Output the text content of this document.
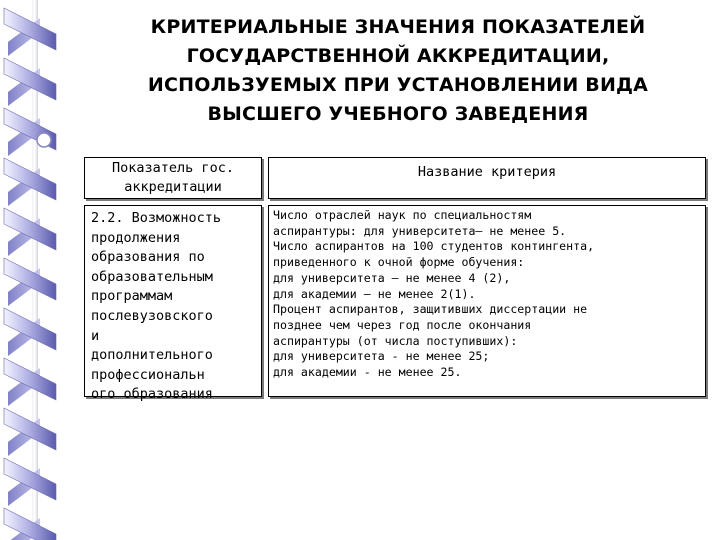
КРИТЕРИАЛЬНЫЕ ЗНАЧЕНИЯ ПОКАЗАТЕЛЕЙ
ГОСУДАРСТВЕННОЙ АККРЕДИТАЦИИ,
ИСПОЛЬЗУЕМЫХ ПРИ УСТАНОВЛЕНИИ ВИДА
ВЫСШЕГО УЧЕБНОГО ЗАВЕДЕНИЯ
Показатель гос.
аккредитации
Название критерия
2.2. Возможность
продолжения
образования по
образовательным
программам
послевузовского
и
дополнительного
профессиональн
ого образования
Число отраслей наук по специальностям
аспирантуры: для университета— не менее 5.
Число аспирантов на 100 студентов контингента,
приведенного к очной форме обучения:
для университета — не менее 4 (2),
для академии — не менее 2(1).
Процент аспирантов, защитивших диссертации не
позднее чем через год после окончания
аспирантуры (от числа поступивших):
для университета - не менее 25;
для академии - не менее 25.
